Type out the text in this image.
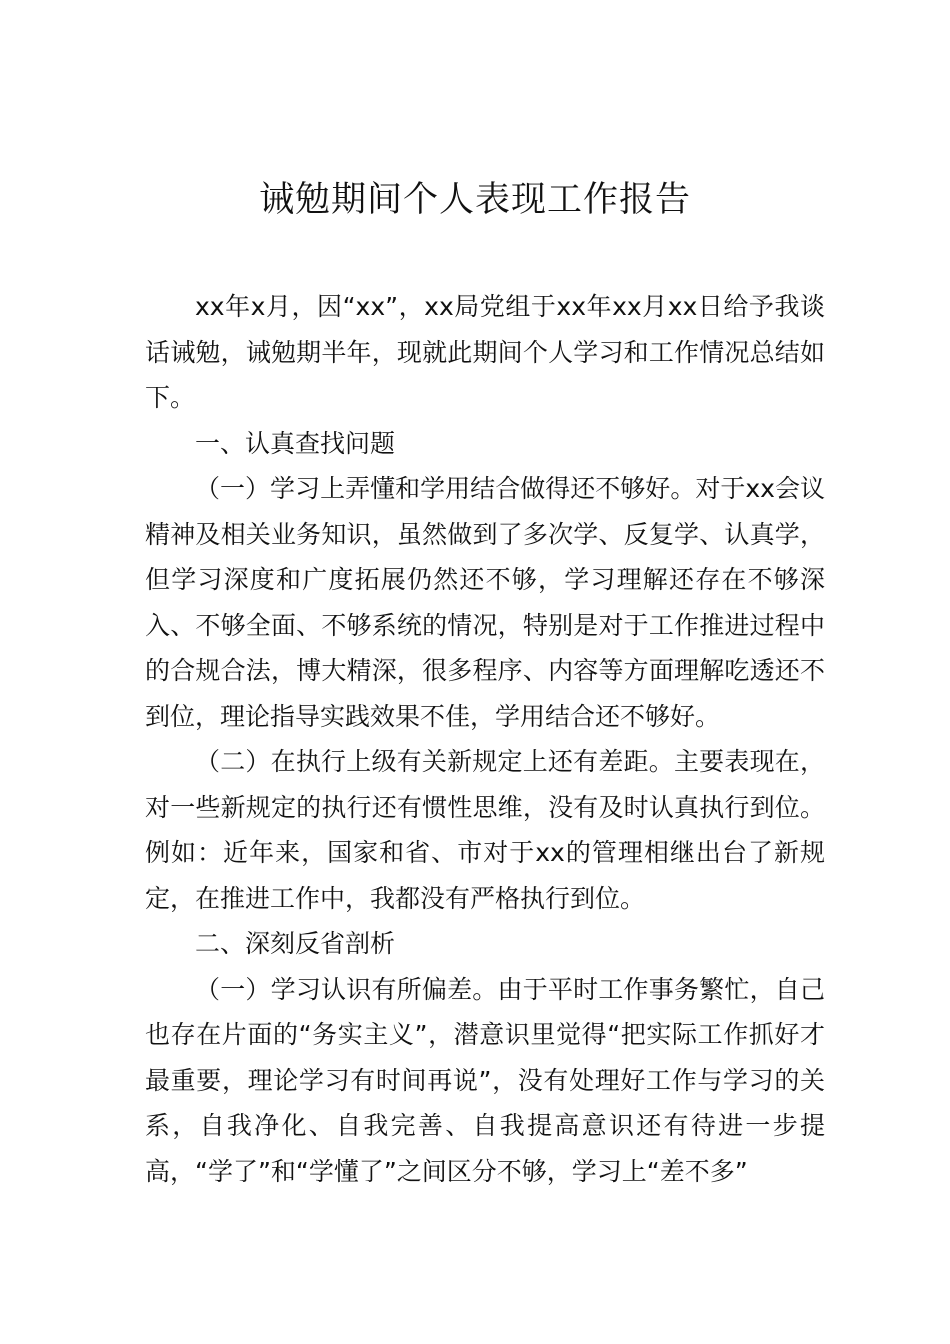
诫勉期间个人表现工作报告

xx年x月，因“xx”，xx局党组于xx年xx月xx日给予我谈话诫勉，诫勉期半年，现就此期间个人学习和工作情况总结如下。

一、认真查找问题

（一）学习上弄懂和学用结合做得还不够好。对于xx会议精神及相关业务知识，虽然做到了多次学、反复学、认真学，但学习深度和广度拓展仍然还不够，学习理解还存在不够深入、不够全面、不够系统的情况，特别是对于工作推进过程中的合规合法，博大精深，很多程序、内容等方面理解吃透还不到位，理论指导实践效果不佳，学用结合还不够好。

（二）在执行上级有关新规定上还有差距。主要表现在，对一些新规定的执行还有惯性思维，没有及时认真执行到位。例如：近年来，国家和省、市对于xx的管理相继出台了新规定，在推进工作中，我都没有严格执行到位。

二、深刻反省剖析

（一）学习认识有所偏差。由于平时工作事务繁忙，自己也存在片面的“务实主义”，潜意识里觉得“把实际工作抓好才最重要，理论学习有时间再说”，没有处理好工作与学习的关系，自我净化、自我完善、自我提高意识还有待进一步提高，“学了”和“学懂了”之间区分不够，学习上“差不多”
